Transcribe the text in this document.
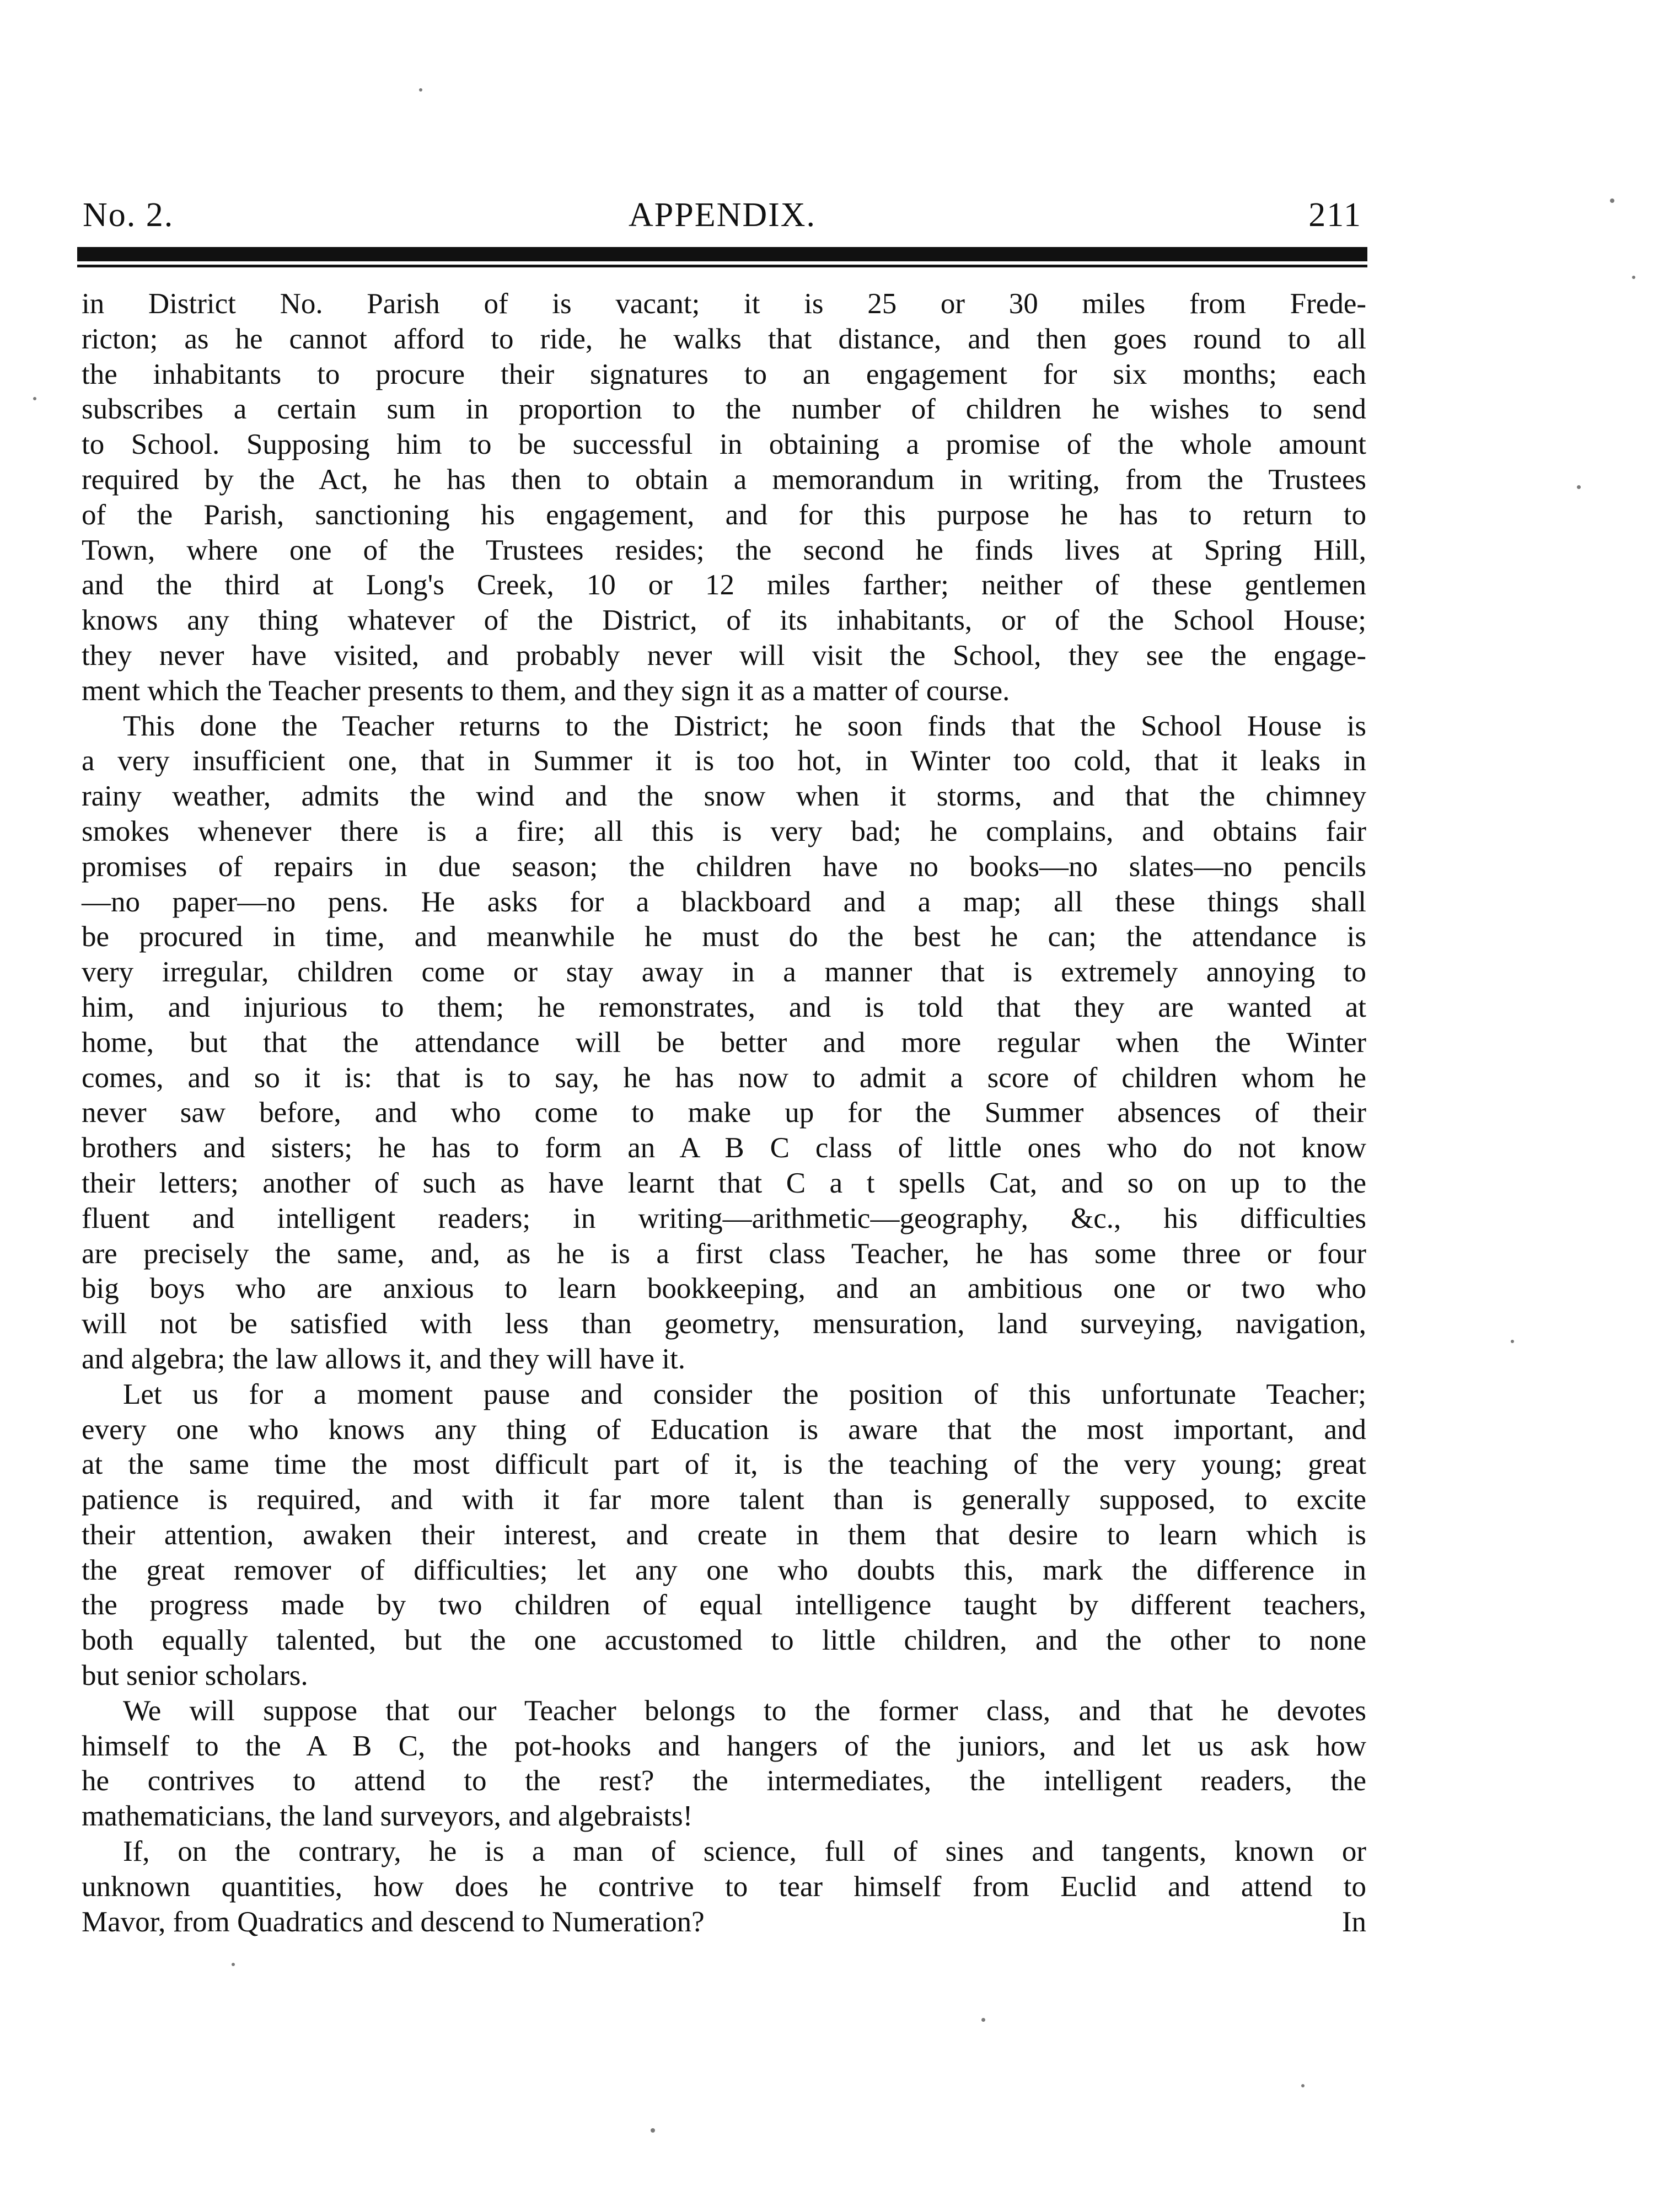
No. 2.	APPENDIX.	211
in District No. Parish of is vacant; it is 25 or 30 miles from Frede-
ricton; as he cannot afford to ride, he walks that distance, and then goes round to all
the inhabitants to procure their signatures to an engagement for six months; each
subscribes a certain sum in proportion to the number of children he wishes to send
to School. Supposing him to be successful in obtaining a promise of the whole amount
required by the Act, he has then to obtain a memorandum in writing, from the Trustees
of the Parish, sanctioning his engagement, and for this purpose he has to return to
Town, where one of the Trustees resides; the second he finds lives at Spring Hill,
and the third at Long's Creek, 10 or 12 miles farther; neither of these gentlemen
knows any thing whatever of the District, of its inhabitants, or of the School House;
they never have visited, and probably never will visit the School, they see the engage-
ment which the Teacher presents to them, and they sign it as a matter of course.
This done the Teacher returns to the District; he soon finds that the School House is
a very insufficient one, that in Summer it is too hot, in Winter too cold, that it leaks in
rainy weather, admits the wind and the snow when it storms, and that the chimney
smokes whenever there is a fire; all this is very bad; he complains, and obtains fair
promises of repairs in due season; the children have no books—no slates—no pencils
—no paper—no pens. He asks for a blackboard and a map; all these things shall
be procured in time, and meanwhile he must do the best he can; the attendance is
very irregular, children come or stay away in a manner that is extremely annoying to
him, and injurious to them; he remonstrates, and is told that they are wanted at
home, but that the attendance will be better and more regular when the Winter
comes, and so it is: that is to say, he has now to admit a score of children whom he
never saw before, and who come to make up for the Summer absences of their
brothers and sisters; he has to form an A B C class of little ones who do not know
their letters; another of such as have learnt that C a t spells Cat, and so on up to the
fluent and intelligent readers; in writing—arithmetic—geography, &c., his difficulties
are precisely the same, and, as he is a first class Teacher, he has some three or four
big boys who are anxious to learn bookkeeping, and an ambitious one or two who
will not be satisfied with less than geometry, mensuration, land surveying, navigation,
and algebra; the law allows it, and they will have it.
Let us for a moment pause and consider the position of this unfortunate Teacher;
every one who knows any thing of Education is aware that the most important, and
at the same time the most difficult part of it, is the teaching of the very young; great
patience is required, and with it far more talent than is generally supposed, to excite
their attention, awaken their interest, and create in them that desire to learn which is
the great remover of difficulties; let any one who doubts this, mark the difference in
the progress made by two children of equal intelligence taught by different teachers,
both equally talented, but the one accustomed to little children, and the other to none
but senior scholars.
We will suppose that our Teacher belongs to the former class, and that he devotes
himself to the A B C, the pot-hooks and hangers of the juniors, and let us ask how
he contrives to attend to the rest? the intermediates, the intelligent readers, the
mathematicians, the land surveyors, and algebraists!
If, on the contrary, he is a man of science, full of sines and tangents, known or
unknown quantities, how does he contrive to tear himself from Euclid and attend to
Mavor, from Quadratics and descend to Numeration?	In
